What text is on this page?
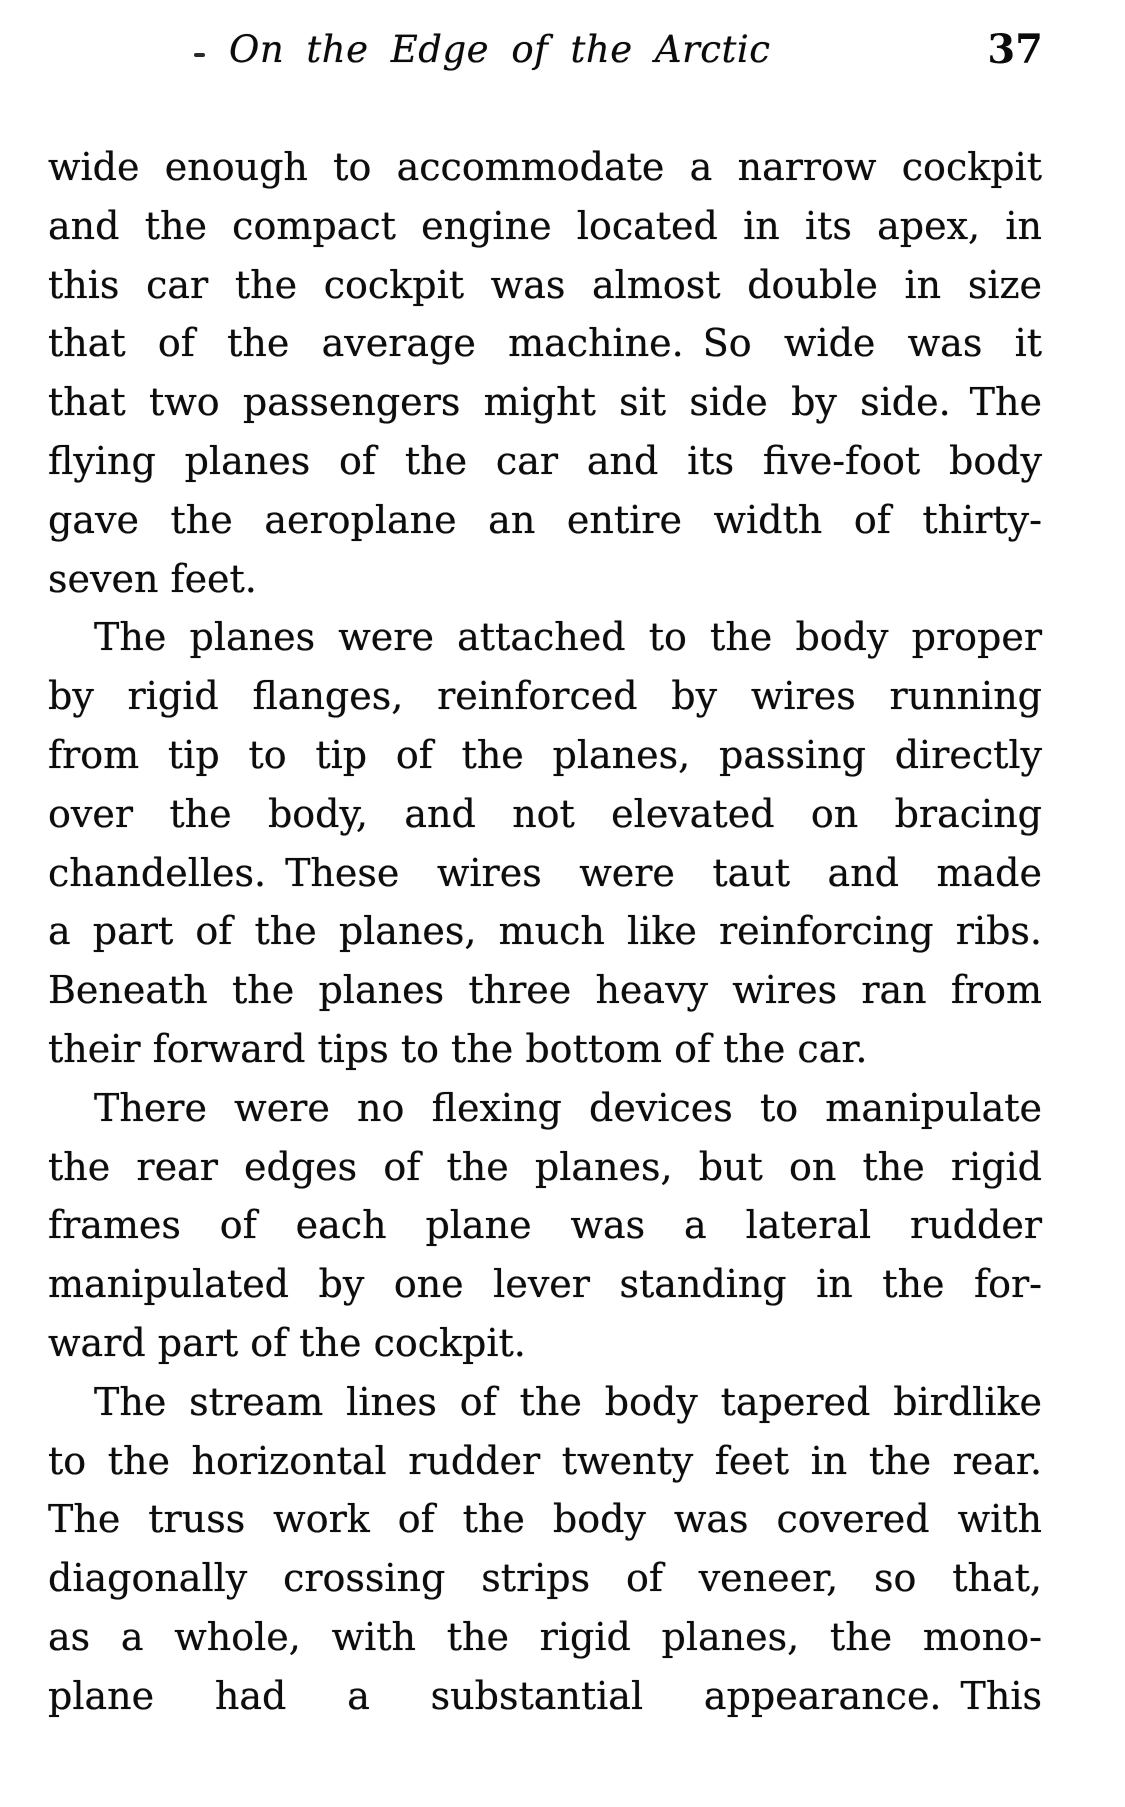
On the Edge of the Arctic	37
wide enough to accommodate a narrow cockpit
and the compact engine located in its apex, in
this car the cockpit was almost double in size
that of the average machine. So wide was it
that two passengers might sit side by side. The
flying planes of the car and its five-foot body
gave the aeroplane an entire width of thirty-
seven feet.
The planes were attached to the body proper
by rigid flanges, reinforced by wires running
from tip to tip of the planes, passing directly
over the body, and not elevated on bracing
chandelles. These wires were taut and made
a part of the planes, much like reinforcing ribs.
Beneath the planes three heavy wires ran from
their forward tips to the bottom of the car.
There were no flexing devices to manipulate
the rear edges of the planes, but on the rigid
frames of each plane was a lateral rudder
manipulated by one lever standing in the for-
ward part of the cockpit.
The stream lines of the body tapered birdlike
to the horizontal rudder twenty feet in the rear.
The truss work of the body was covered with
diagonally crossing strips of veneer, so that,
as a whole, with the rigid planes, the mono-
plane had a substantial appearance. This
